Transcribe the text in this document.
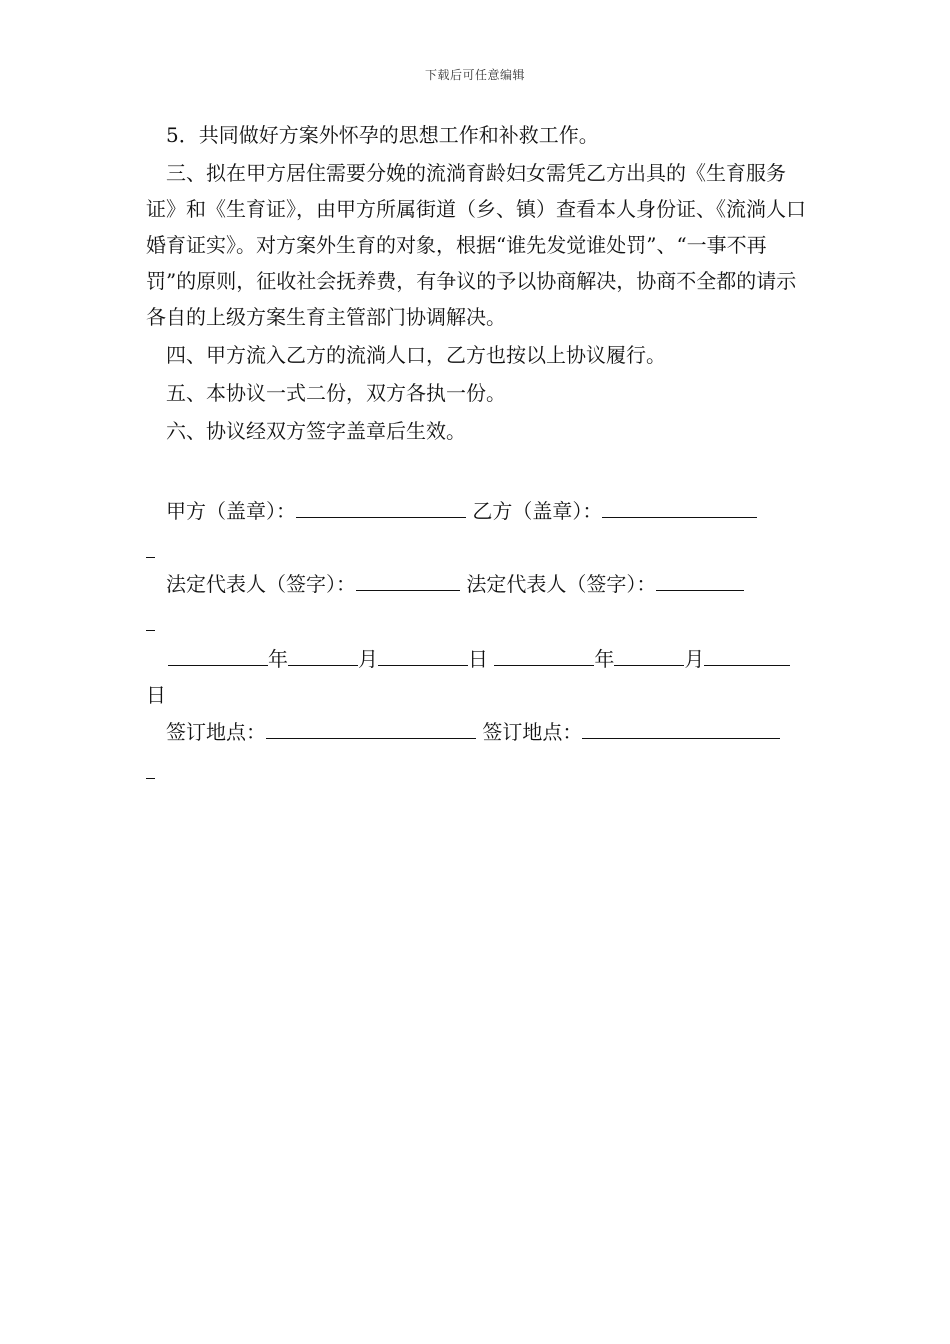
下载后可任意编辑

5．共同做好方案外怀孕的思想工作和补救工作。

三、拟在甲方居住需要分娩的流淌育龄妇女需凭乙方出具的《生育服务证》和《生育证》，由甲方所属街道（乡、镇）查看本人身份证、《流淌人口婚育证实》。对方案外生育的对象，根据“谁先发觉谁处罚”、“一事不再罚”的原则，征收社会抚养费，有争议的予以协商解决，协商不全都的请示各自的上级方案生育主管部门协调解决。

四、甲方流入乙方的流淌人口，乙方也按以上协议履行。

五、本协议一式二份，双方各执一份。

六、协议经双方签字盖章后生效。

甲方（盖章）：	乙方（盖章）：
法定代表人（签字）：	法定代表人（签字）：
年	月	日	年	月
日
签订地点：	签订地点：
